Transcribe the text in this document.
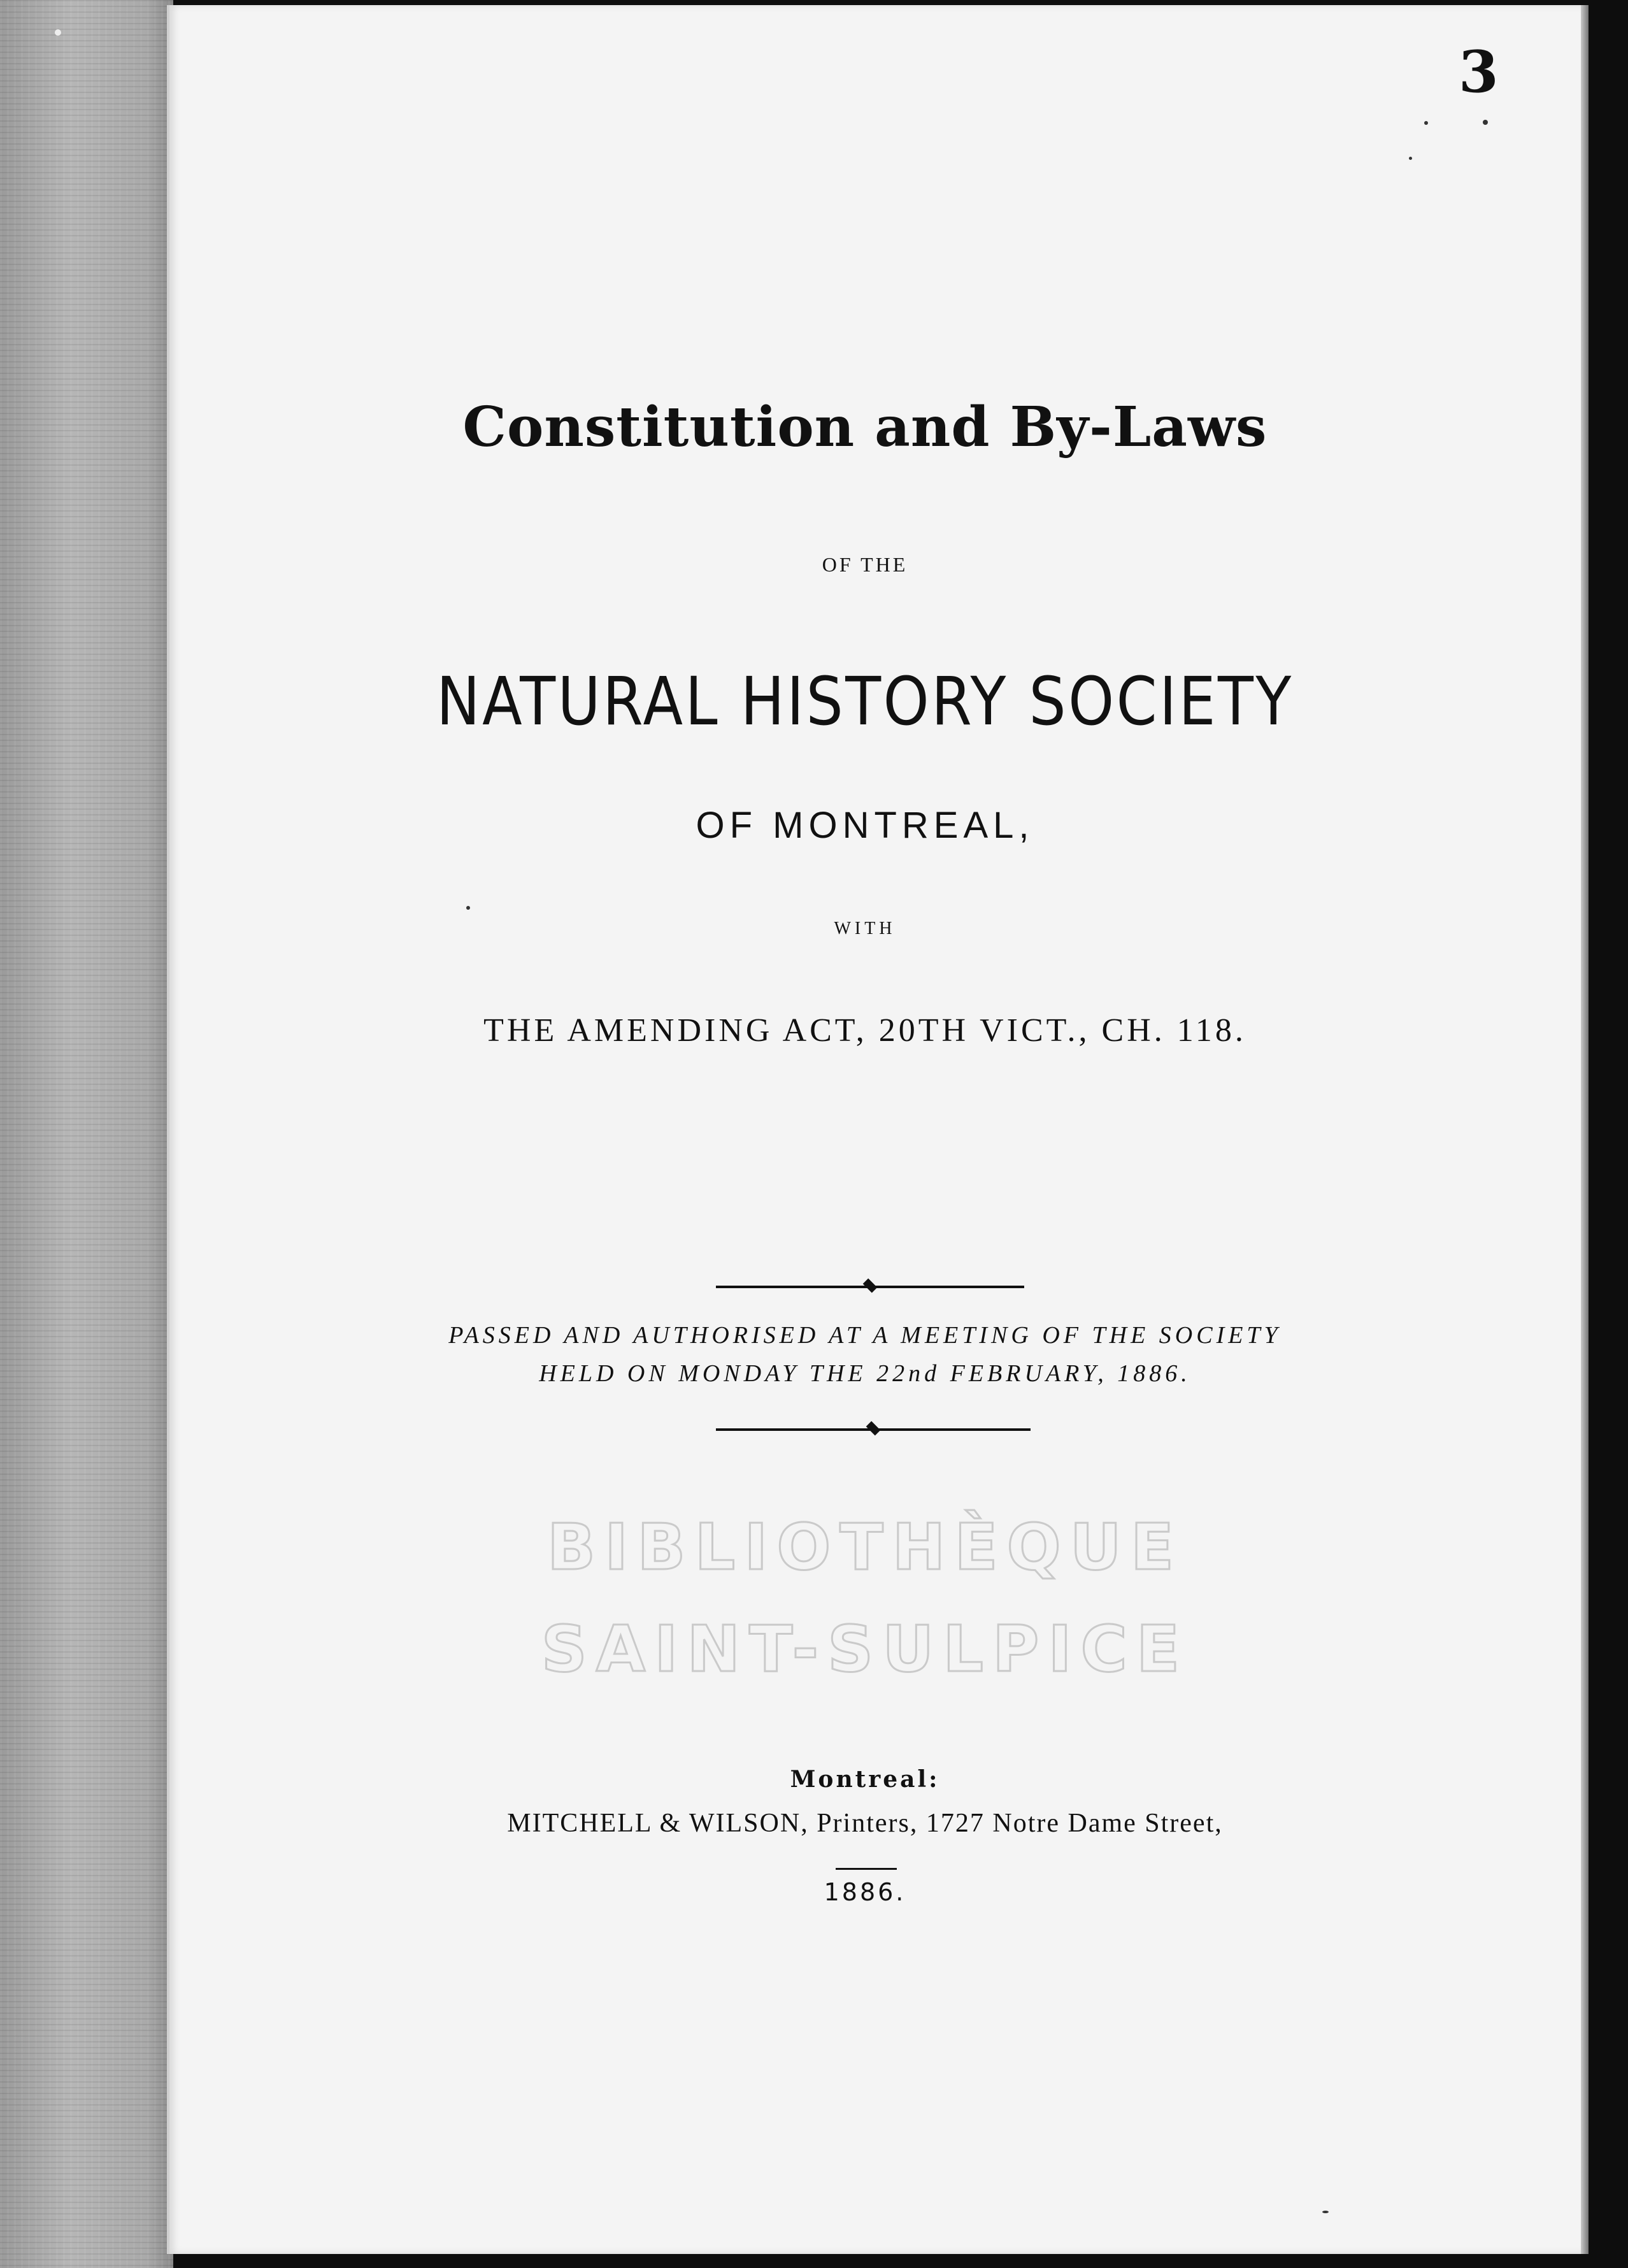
3
Constitution and By-Laws
OF THE
NATURAL HISTORY SOCIETY
OF MONTREAL,
WITH
THE AMENDING ACT, 20TH VICT., CH. 118.
PASSED AND AUTHORISED AT A MEETING OF THE SOCIETY
HELD ON MONDAY THE 22nd FEBRUARY, 1886.
BIBLIOTHÈQUE
SAINT-SULPICE
Montreal:
MITCHELL & WILSON, Printers, 1727 Notre Dame Street,
1886.
